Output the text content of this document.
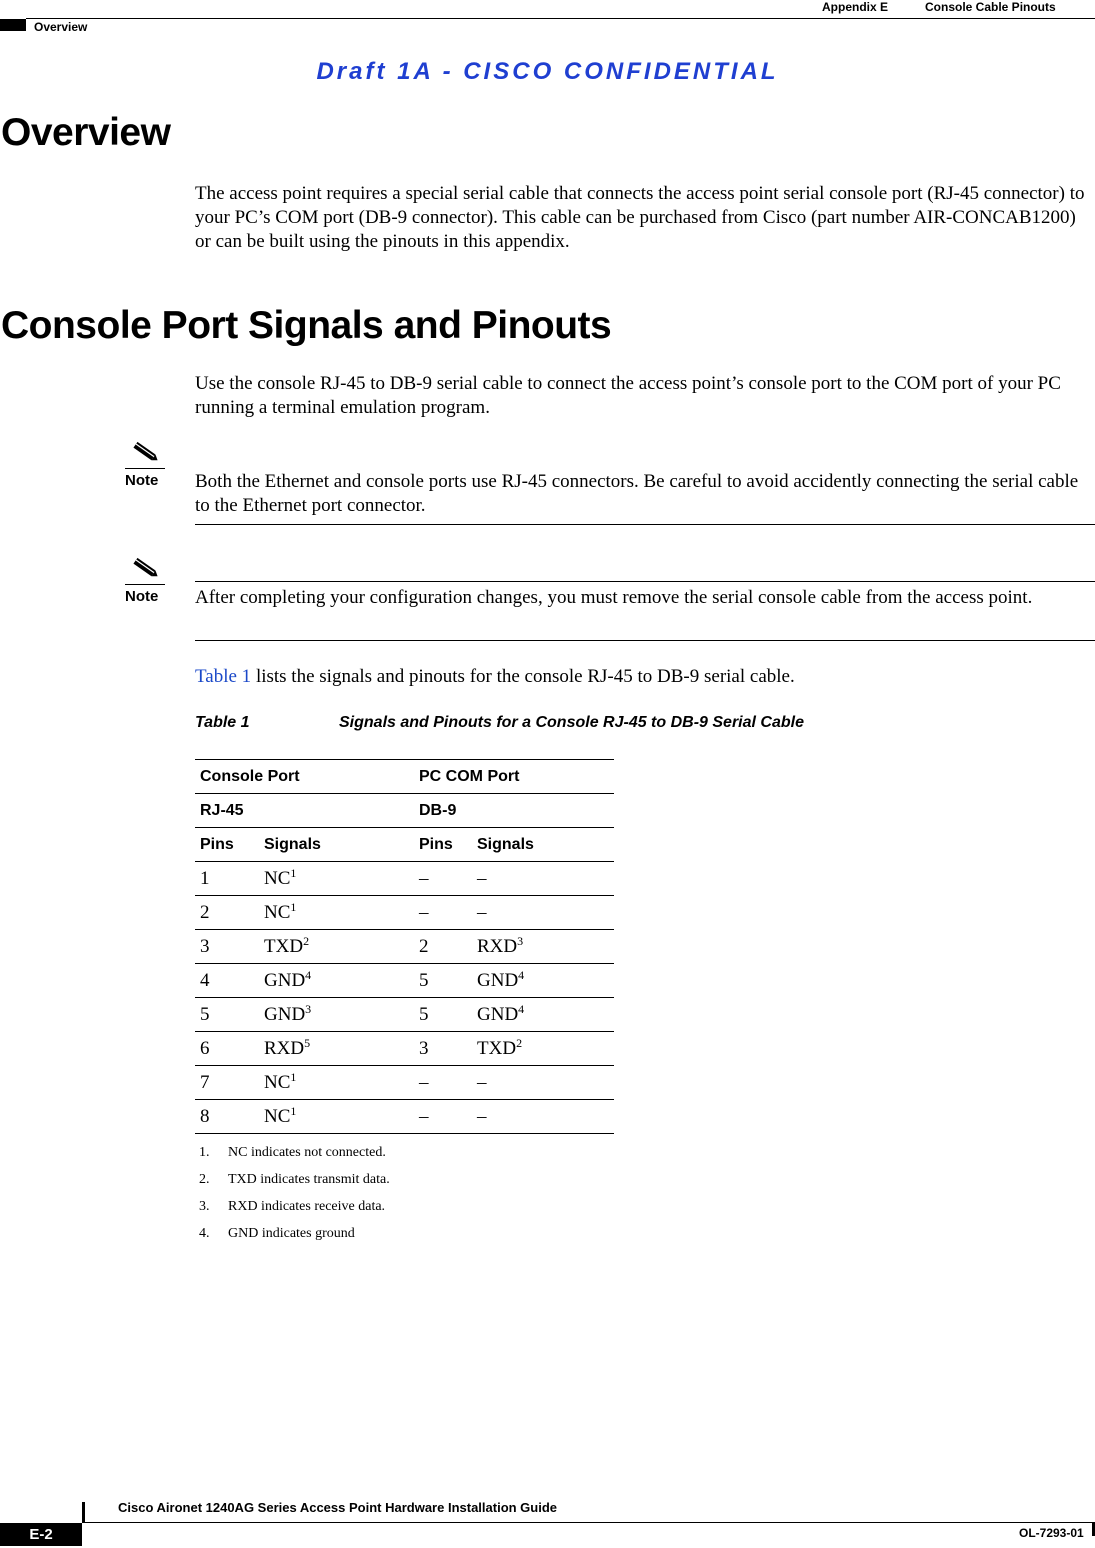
Appendix E	Console Cable Pinouts
Overview
Draft 1A - CISCO CONFIDENTIAL
Overview

The access point requires a special serial cable that connects the access point serial console port (RJ-45 connector) to your PC’s COM port (DB-9 connector). This cable can be purchased from Cisco (part number AIR-CONCAB1200) or can be built using the pinouts in this appendix.

Console Port Signals and Pinouts

Use the console RJ-45 to DB-9 serial cable to connect the access point’s console port to the COM port of your PC running a terminal emulation program.

Note Both the Ethernet and console ports use RJ-45 connectors. Be careful to avoid accidently connecting the serial cable to the Ethernet port connector.

Note After completing your configuration changes, you must remove the serial console cable from the access point.

Table 1 lists the signals and pinouts for the console RJ-45 to DB-9 serial cable.

Table 1	Signals and Pinouts for a Console RJ-45 to DB-9 Serial Cable
Console Port		PC COM Port	
RJ-45		DB-9	
Pins	Signals	Pins	Signals
1	$NC^1$	–	–
2	$NC^1$	–	–
3	TXD$^2$	2	RXD$^3$
4	GND$^4$	5	GND$^4$
5	GND$^3$	5	GND$^4$
6	RXD$^5$	3	TXD$^2$
7	$NC^1$	–	–
8	$NC^1$	–	–
1. NC indicates not connected.
2. TXD indicates transmit data.
3. RXD indicates receive data.
4. GND indicates ground
E-2
Cisco Aironet 1240AG Series Access Point Hardware Installation Guide
OL-7293-01
